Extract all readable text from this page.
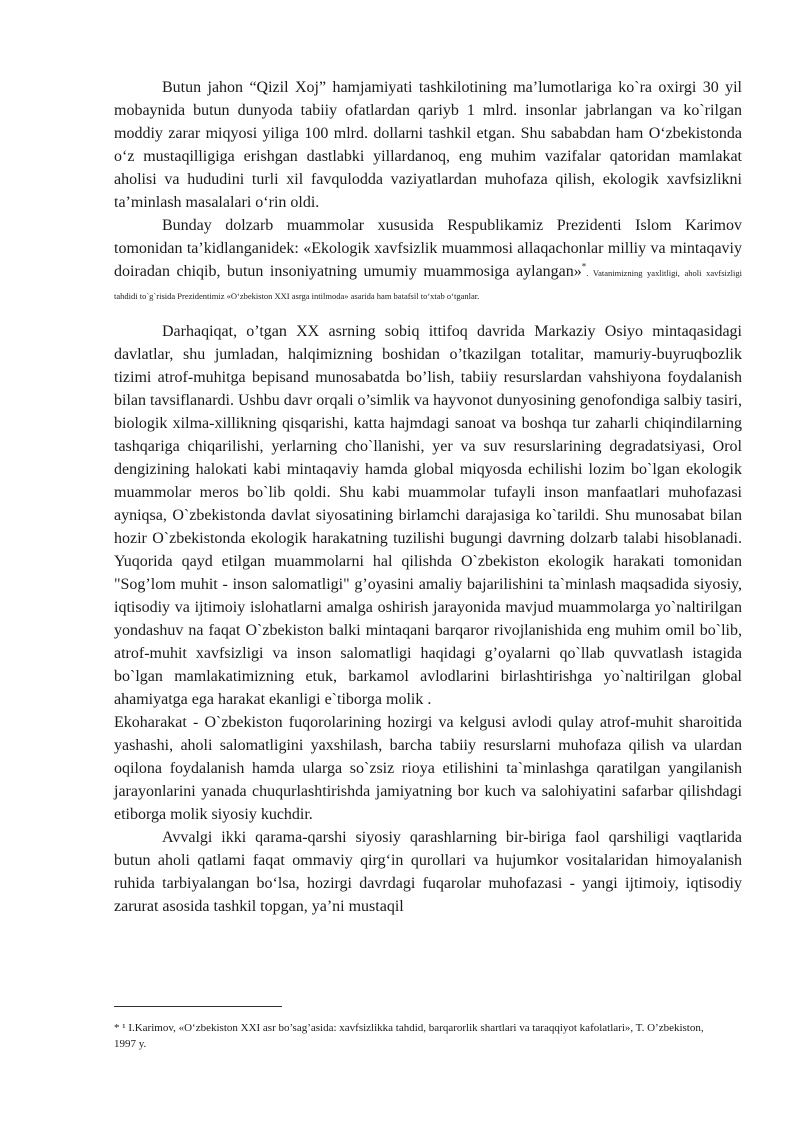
Butun jahon “Qizil Xoj” hamjamiyati tashkilotining ma’lumotlariga ko`ra oxirgi 30 yil mobaynida butun dunyoda tabiiy ofatlardan qariyb 1 mlrd. insonlar jabrlangan va ko`rilgan moddiy zarar miqyosi yiliga 100 mlrd. dollarni tashkil etgan. Shu sababdan ham O‘zbekistonda o‘z mustaqilligiga erishgan dastlabki yillardanoq, eng muhim vazifalar qatoridan mamlakat aholisi va hududini turli xil favqulodda vaziyatlardan muhofaza qilish, ekologik xavfsizlikni ta’minlash masalalari o‘rin oldi.

Bunday dolzarb muammolar xususida Respublikamiz Prezidenti Islom Karimov tomonidan ta’kidlanganidek: «Ekologik xavfsizlik muammosi allaqachonlar milliy va mintaqaviy doiradan chiqib, butun insoniyatning umumiy muammosiga aylangan»*. Vatanimizning yaxlitligi, aholi xavfsizligi tahdidi to`g`risida Prezidentimiz «O‘zbekiston XXI asrga intilmoda» asarida ham batafsil to‘xtab o‘tganlar.

Darhaqiqat, o’tgan XX asrning sobiq ittifoq davrida Markaziy Osiyo mintaqasidagi davlatlar, shu jumladan, halqimizning boshidan o’tkazilgan totalitar, mamuriy-buyruqbozlik tizimi atrof-muhitga bepisand munosabatda bo’lish, tabiiy resurslardan vahshiyona foydalanish bilan tavsiflanardi. Ushbu davr orqali o’simlik va hayvonot dunyosining genofondiga salbiy tasiri, biologik xilma-xillikning qisqarishi, katta hajmdagi sanoat va boshqa tur zaharli chiqindilarning tashqariga chiqarilishi, yerlarning cho`llanishi, yer va suv resurslarining degradatsiyasi, Orol dengizining halokati kabi mintaqaviy hamda global miqyosda echilishi lozim bo`lgan ekologik muammolar meros bo`lib qoldi. Shu kabi muammolar tufayli inson manfaatlari muhofazasi ayniqsa, O`zbekistonda davlat siyosatining birlamchi darajasiga ko`tarildi. Shu munosabat bilan hozir O`zbekistonda ekologik harakatning tuzilishi bugungi davrning dolzarb talabi hisoblanadi. Yuqorida qayd etilgan muammolarni hal qilishda O`zbekiston ekologik harakati tomonidan "Sog’lom muhit - inson salomatligi" g’oyasini amaliy bajarilishini ta`minlash maqsadida siyosiy, iqtisodiy va ijtimoiy islohatlarni amalga oshirish jarayonida mavjud muammolarga yo`naltirilgan yondashuv na faqat O`zbekiston balki mintaqani barqaror rivojlanishida eng muhim omil bo`lib, atrof-muhit xavfsizligi va inson salomatligi haqidagi g’oyalarni qo`llab quvvatlash istagida bo`lgan mamlakatimizning etuk, barkamol avlodlarini birlashtirishga yo`naltirilgan global ahamiyatga ega harakat ekanligi e`tiborga molik .

Ekoharakat - O`zbekiston fuqorolarining hozirgi va kelgusi avlodi qulay atrof-muhit sharoitida yashashi, aholi salomatligini yaxshilash, barcha tabiiy resurslarni muhofaza qilish va ulardan oqilona foydalanish hamda ularga so`zsiz rioya etilishini ta`minlashga qaratilgan yangilanish jarayonlarini yanada chuqurlashtirishda jamiyatning bor kuch va salohiyatini safarbar qilishdagi etiborga molik siyosiy kuchdir.

Avvalgi ikki qarama-qarshi siyosiy qarashlarning bir-biriga faol qarshiligi vaqtlarida butun aholi qatlami faqat ommaviy qirg‘in qurollari va hujumkor vositalaridan himoyalanish ruhida tarbiyalangan bo‘lsa, hozirgi davrdagi fuqarolar muhofazasi - yangi ijtimoiy, iqtisodiy zarurat asosida tashkil topgan, ya’ni mustaqil

* ¹ I.Karimov, «O‘zbekiston XXI asr bo’sag’asida: xavfsizlikka tahdid, barqarorlik shartlari va taraqqiyot kafolatlari», T. O’zbekiston, 1997 y.
